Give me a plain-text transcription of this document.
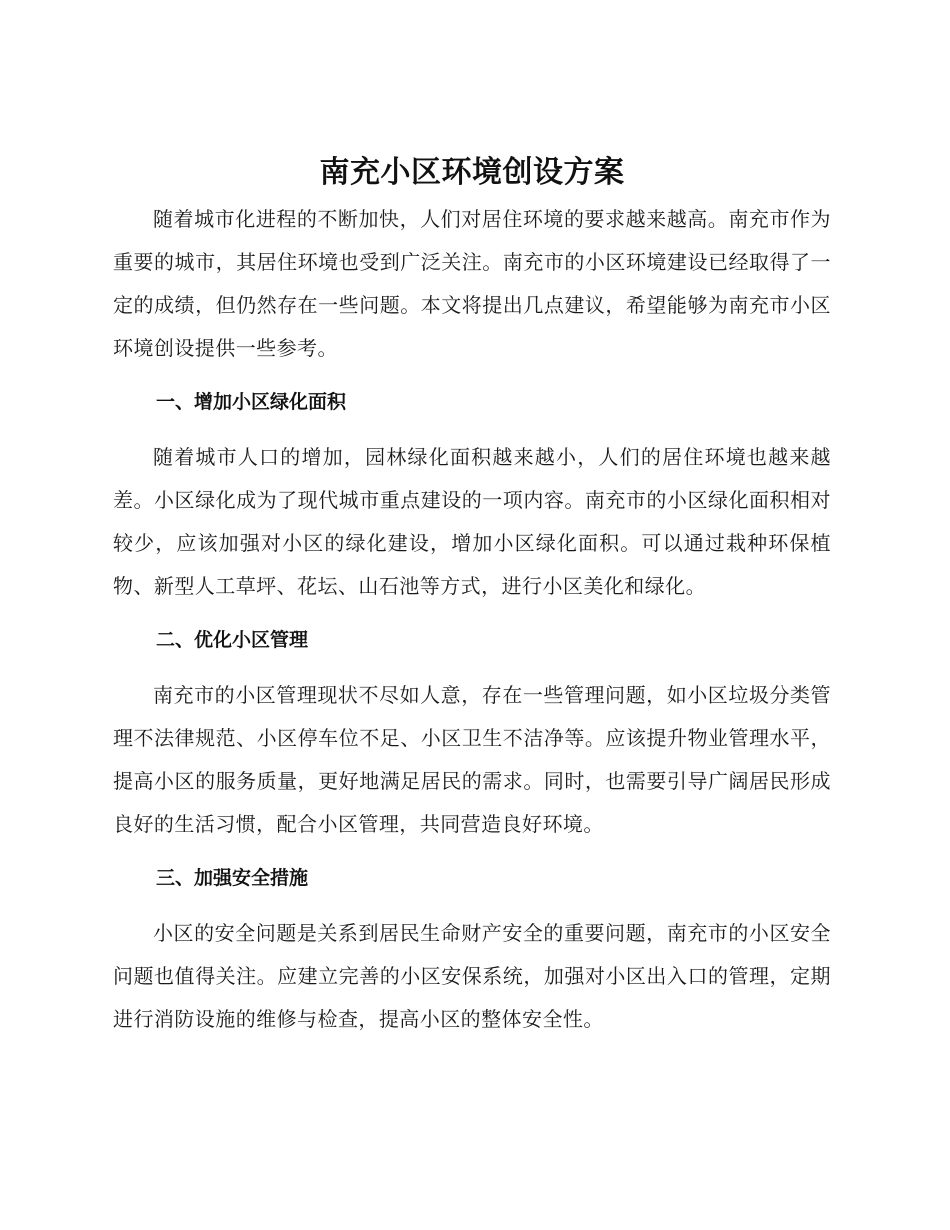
南充小区环境创设方案

随着城市化进程的不断加快，人们对居住环境的要求越来越高。南充市作为重要的城市，其居住环境也受到广泛关注。南充市的小区环境建设已经取得了一定的成绩，但仍然存在一些问题。本文将提出几点建议，希望能够为南充市小区环境创设提供一些参考。

一、增加小区绿化面积

随着城市人口的增加，园林绿化面积越来越小，人们的居住环境也越来越差。小区绿化成为了现代城市重点建设的一项内容。南充市的小区绿化面积相对较少，应该加强对小区的绿化建设，增加小区绿化面积。可以通过栽种环保植物、新型人工草坪、花坛、山石池等方式，进行小区美化和绿化。

二、优化小区管理

南充市的小区管理现状不尽如人意，存在一些管理问题，如小区垃圾分类管理不法律规范、小区停车位不足、小区卫生不洁净等。应该提升物业管理水平，提高小区的服务质量，更好地满足居民的需求。同时，也需要引导广阔居民形成良好的生活习惯，配合小区管理，共同营造良好环境。

三、加强安全措施

小区的安全问题是关系到居民生命财产安全的重要问题，南充市的小区安全问题也值得关注。应建立完善的小区安保系统，加强对小区出入口的管理，定期进行消防设施的维修与检查，提高小区的整体安全性。
